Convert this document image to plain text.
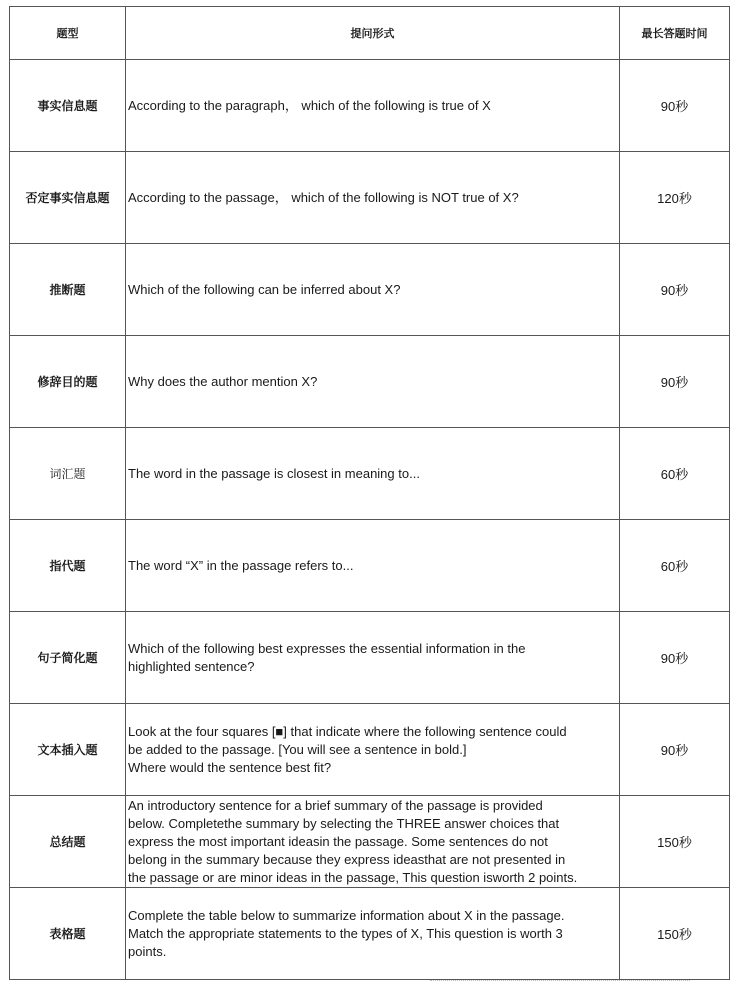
题型	提问形式	最长答题时间
事实信息题	According to the paragraph， which of the following is true of X	90秒
否定事实信息题	According to the passage， which of the following is NOT true of X?	120秒
推断题	Which of the following can be inferred about X?	90秒
修辞目的题	Why does the author mention X?	90秒
词汇题	The word in the passage is closest in meaning to...	60秒
指代题	The word “X” in the passage refers to...	60秒
句子简化题	Which of the following best expresses the essential information in the
highlighted sentence?	90秒
文本插入题	Look at the four squares [■] that indicate where the following sentence could
be added to the passage. [You will see a sentence in bold.]
Where would the sentence best fit?	90秒
总结题	An introductory sentence for a brief summary of the passage is provided
below. Completethe summary by selecting the THREE answer choices that
express the most important ideasin the passage. Some sentences do not
belong in the summary because they express ideasthat are not presented in
the passage or are minor ideas in the passage, This question isworth 2 points.	150秒
表格题	Complete the table below to summarize information about X in the passage.
Match the appropriate statements to the types of X, This question is worth 3
points.	150秒
